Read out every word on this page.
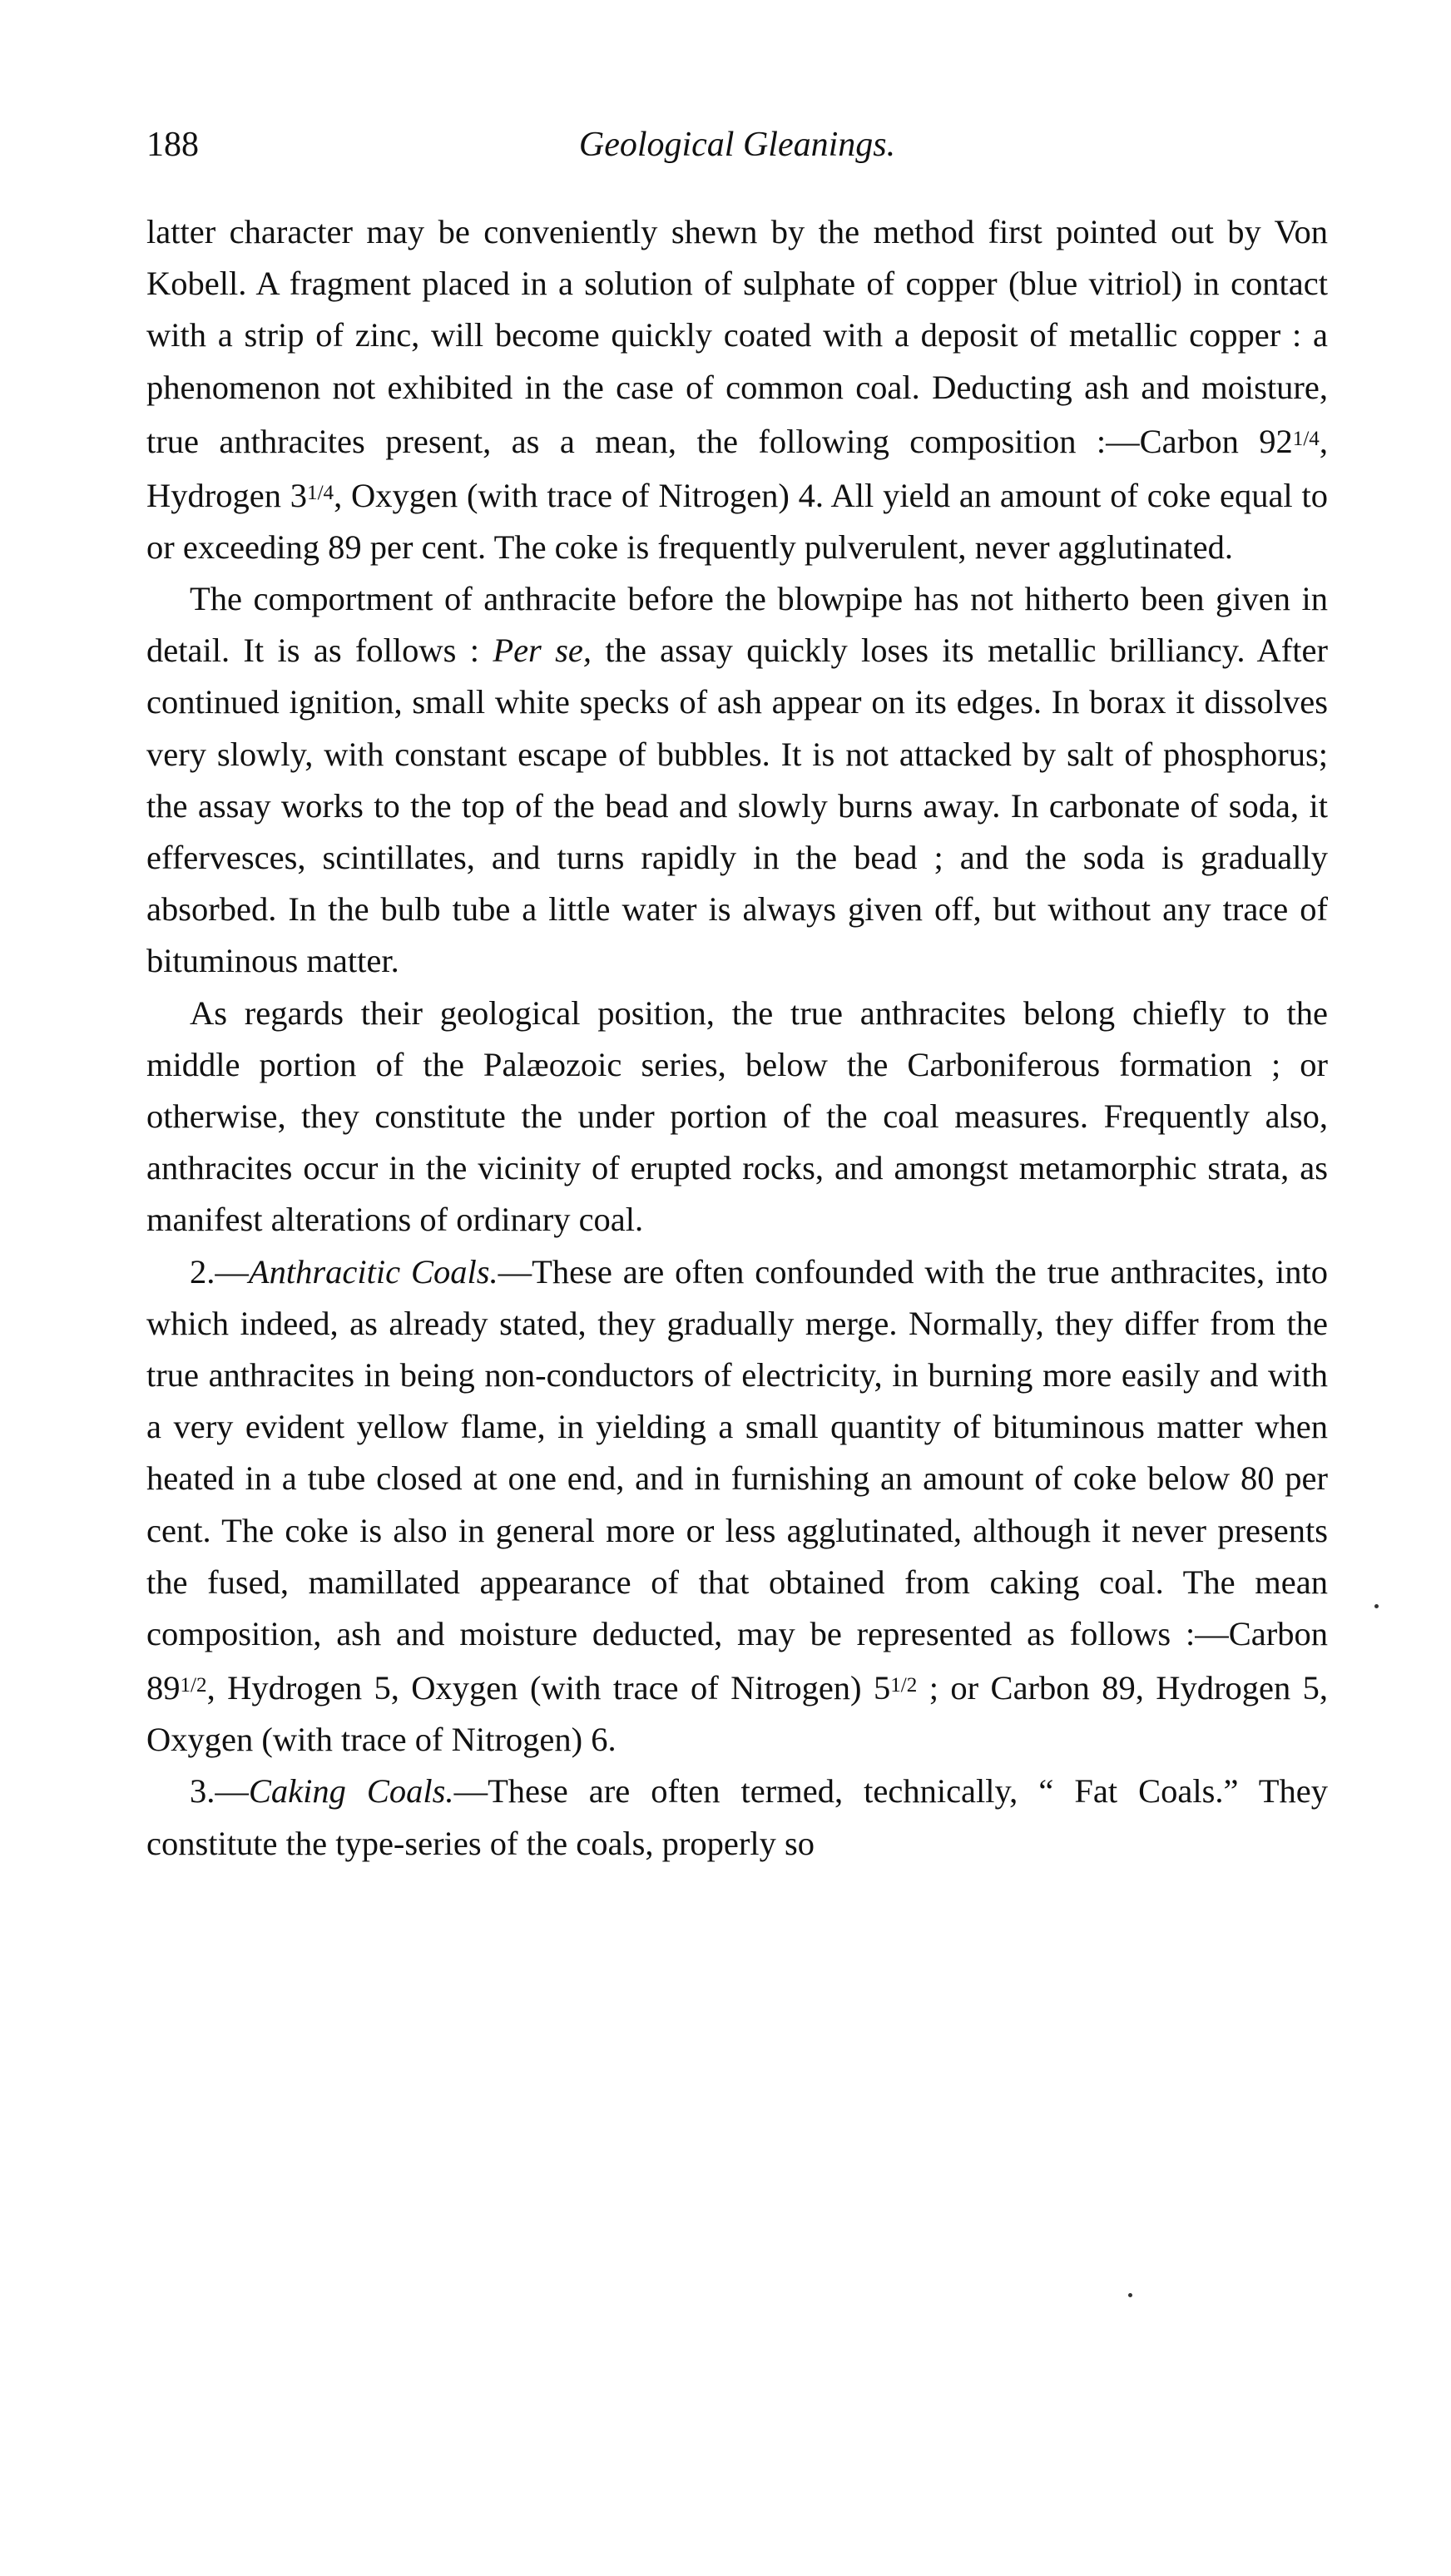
188	Geological Gleanings.

latter character may be conveniently shewn by the method first pointed out by Von Kobell. A fragment placed in a solution of sulphate of copper (blue vitriol) in contact with a strip of zinc, will become quickly coated with a deposit of metallic copper : a phenomenon not exhibited in the case of common coal. Deducting ash and moisture, true anthracites present, as a mean, the following composition :—Carbon $92^{1/4}$, Hydrogen $3^{1/4}$, Oxygen (with trace of Nitrogen) 4. All yield an amount of coke equal to or exceeding 89 per cent. The coke is frequently pulverulent, never agglutinated.

The comportment of anthracite before the blowpipe has not hitherto been given in detail. It is as follows : Per se, the assay quickly loses its metallic brilliancy. After continued ignition, small white specks of ash appear on its edges. In borax it dissolves very slowly, with constant escape of bubbles. It is not attacked by salt of phosphorus; the assay works to the top of the bead and slowly burns away. In carbonate of soda, it effervesces, scintillates, and turns rapidly in the bead ; and the soda is gradually absorbed. In the bulb tube a little water is always given off, but without any trace of bituminous matter.

As regards their geological position, the true anthracites belong chiefly to the middle portion of the Palæozoic series, below the Carboniferous formation ; or otherwise, they constitute the under portion of the coal measures. Frequently also, anthracites occur in the vicinity of erupted rocks, and amongst metamorphic strata, as manifest alterations of ordinary coal.

2.—Anthracitic Coals.—These are often confounded with the true anthracites, into which indeed, as already stated, they gradually merge. Normally, they differ from the true anthracites in being non-conductors of electricity, in burning more easily and with a very evident yellow flame, in yielding a small quantity of bituminous matter when heated in a tube closed at one end, and in furnishing an amount of coke below 80 per cent. The coke is also in general more or less agglutinated, although it never presents the fused, mamillated appearance of that obtained from caking coal. The mean composition, ash and moisture deducted, may be represented as follows :—Carbon $89^{1/2}$, Hydrogen 5, Oxygen (with trace of Nitrogen) $5^{1/2}$ ; or Carbon 89, Hydrogen 5, Oxygen (with trace of Nitrogen) 6.

3.—Caking Coals.—These are often termed, technically, “ Fat Coals.” They constitute the type-series of the coals, properly so
